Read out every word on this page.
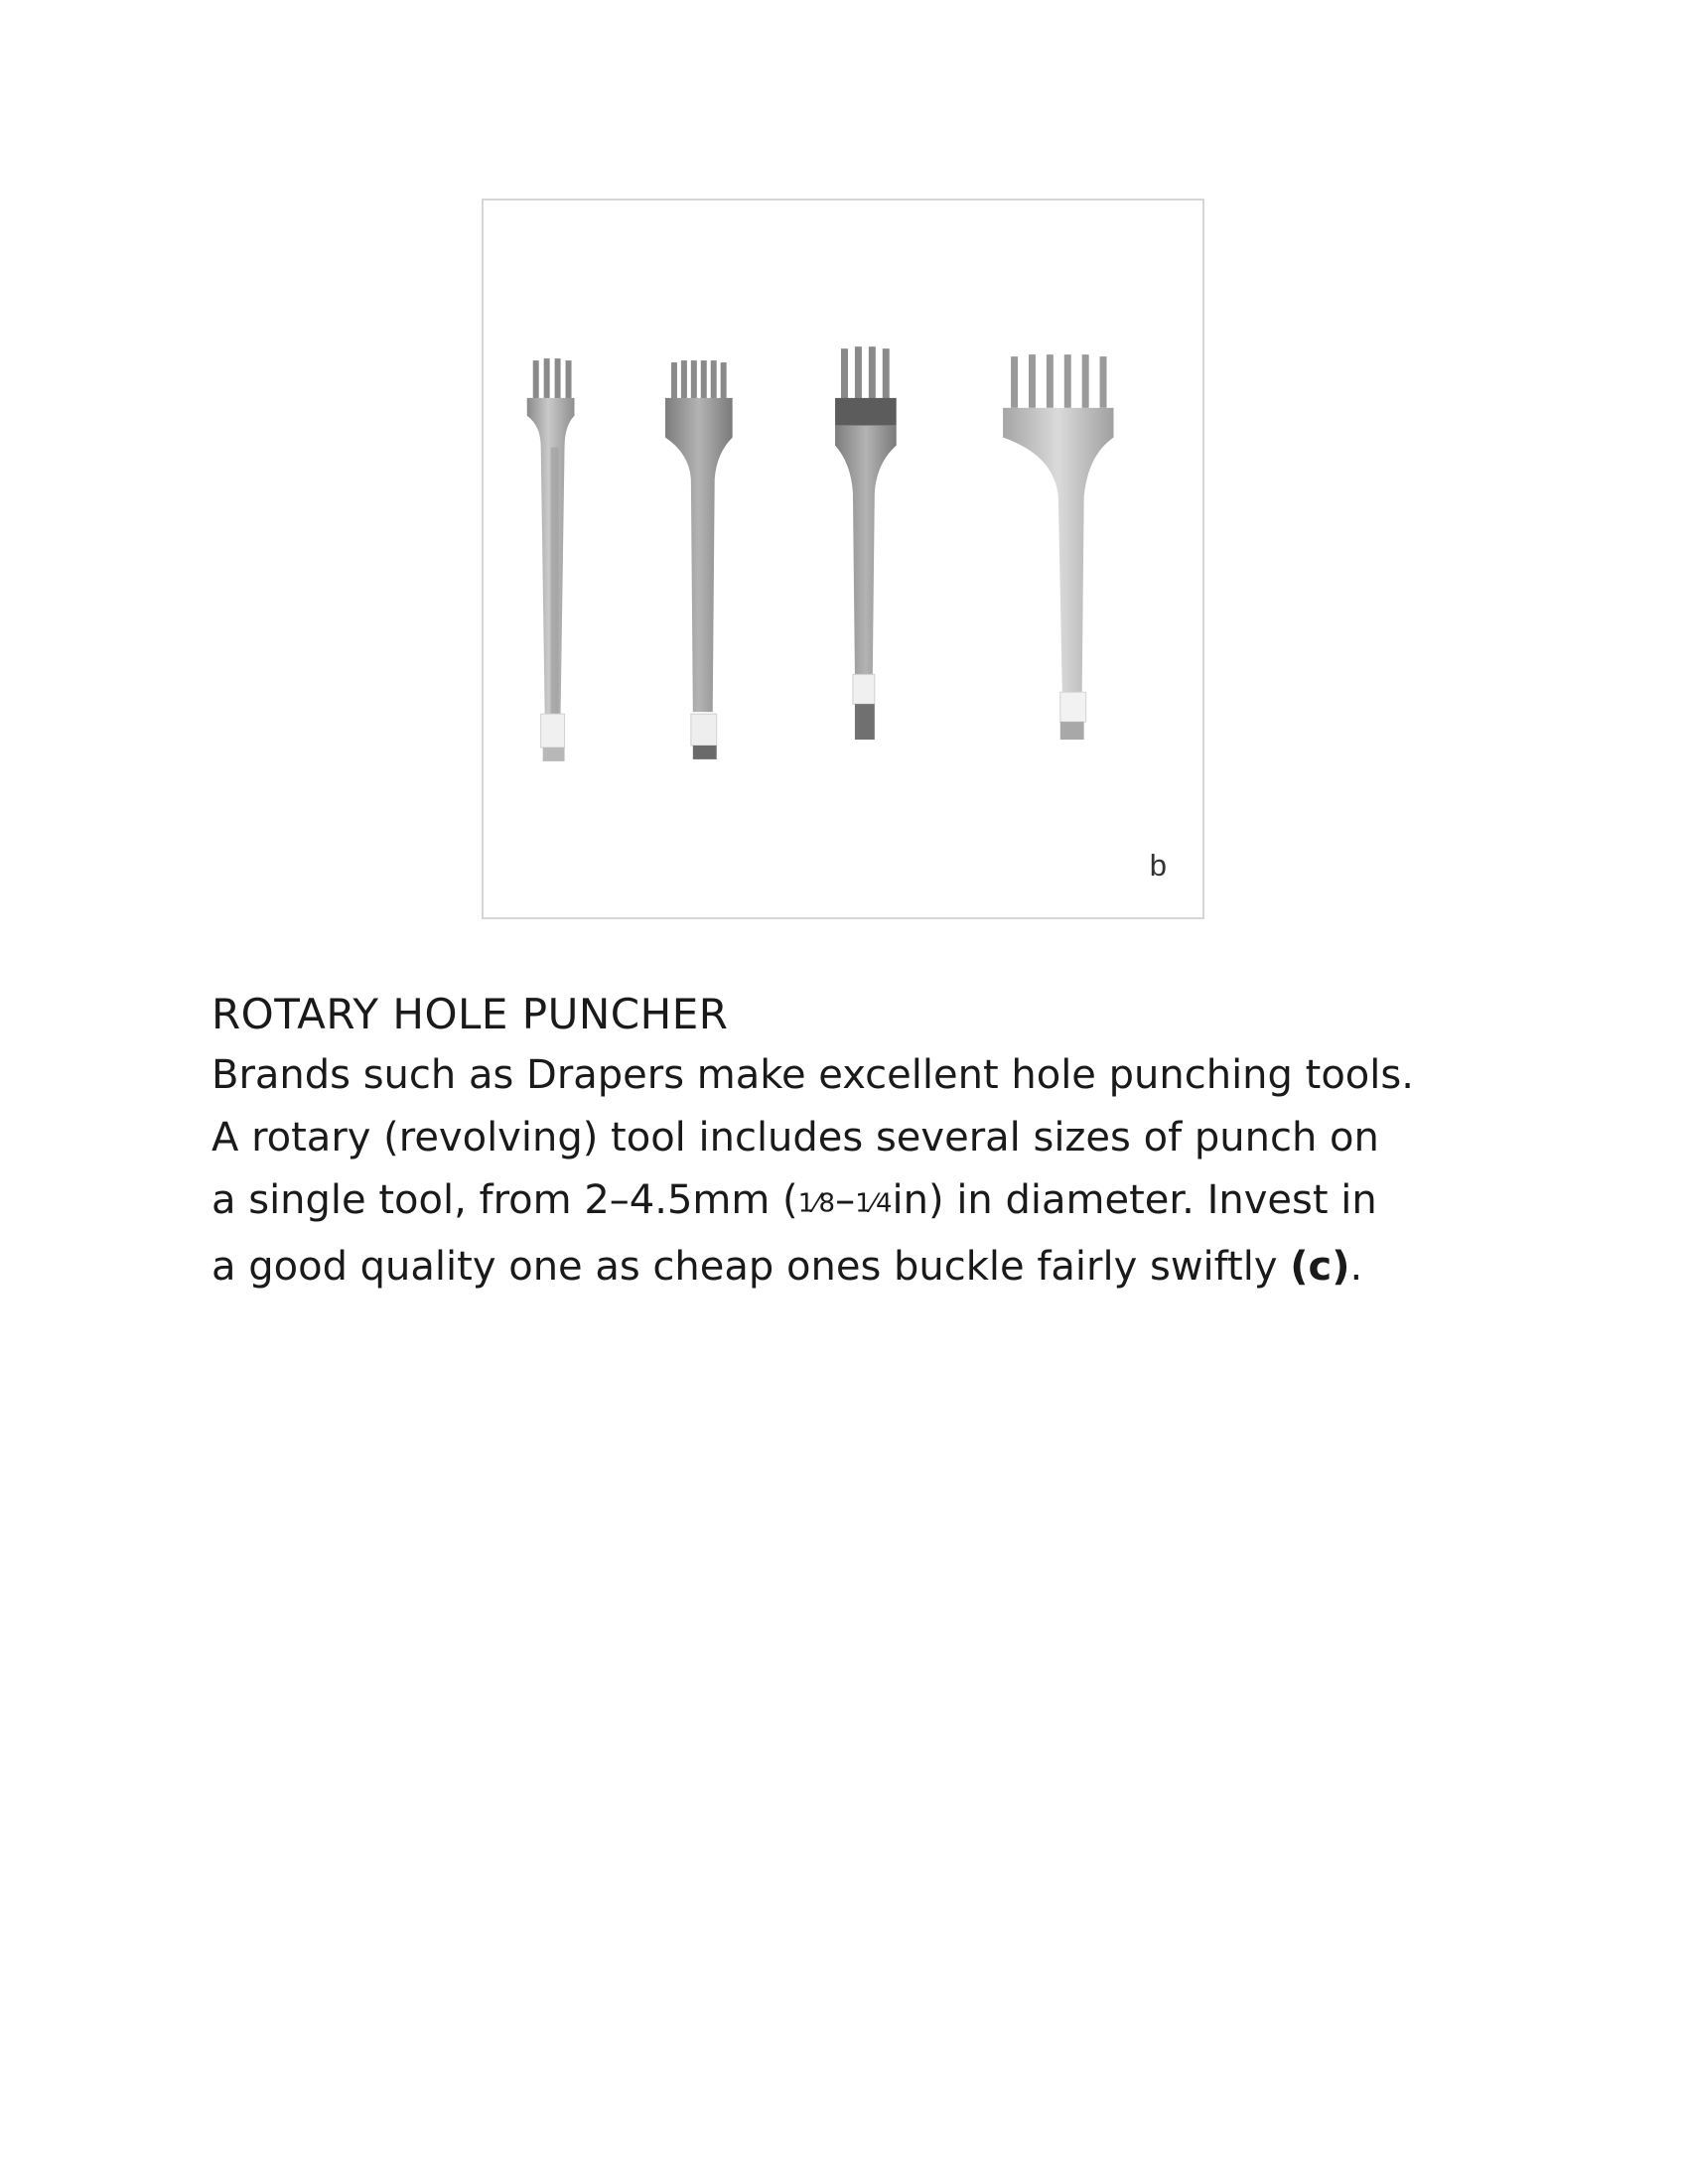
b
ROTARY HOLE PUNCHER

Brands such as Drapers make excellent hole punching tools.

A rotary (revolving) tool includes several sizes of punch on

a single tool, from 2–4.5mm (1⁄8–1⁄4in) in diameter. Invest in

a good quality one as cheap ones buckle fairly swiftly (c).
